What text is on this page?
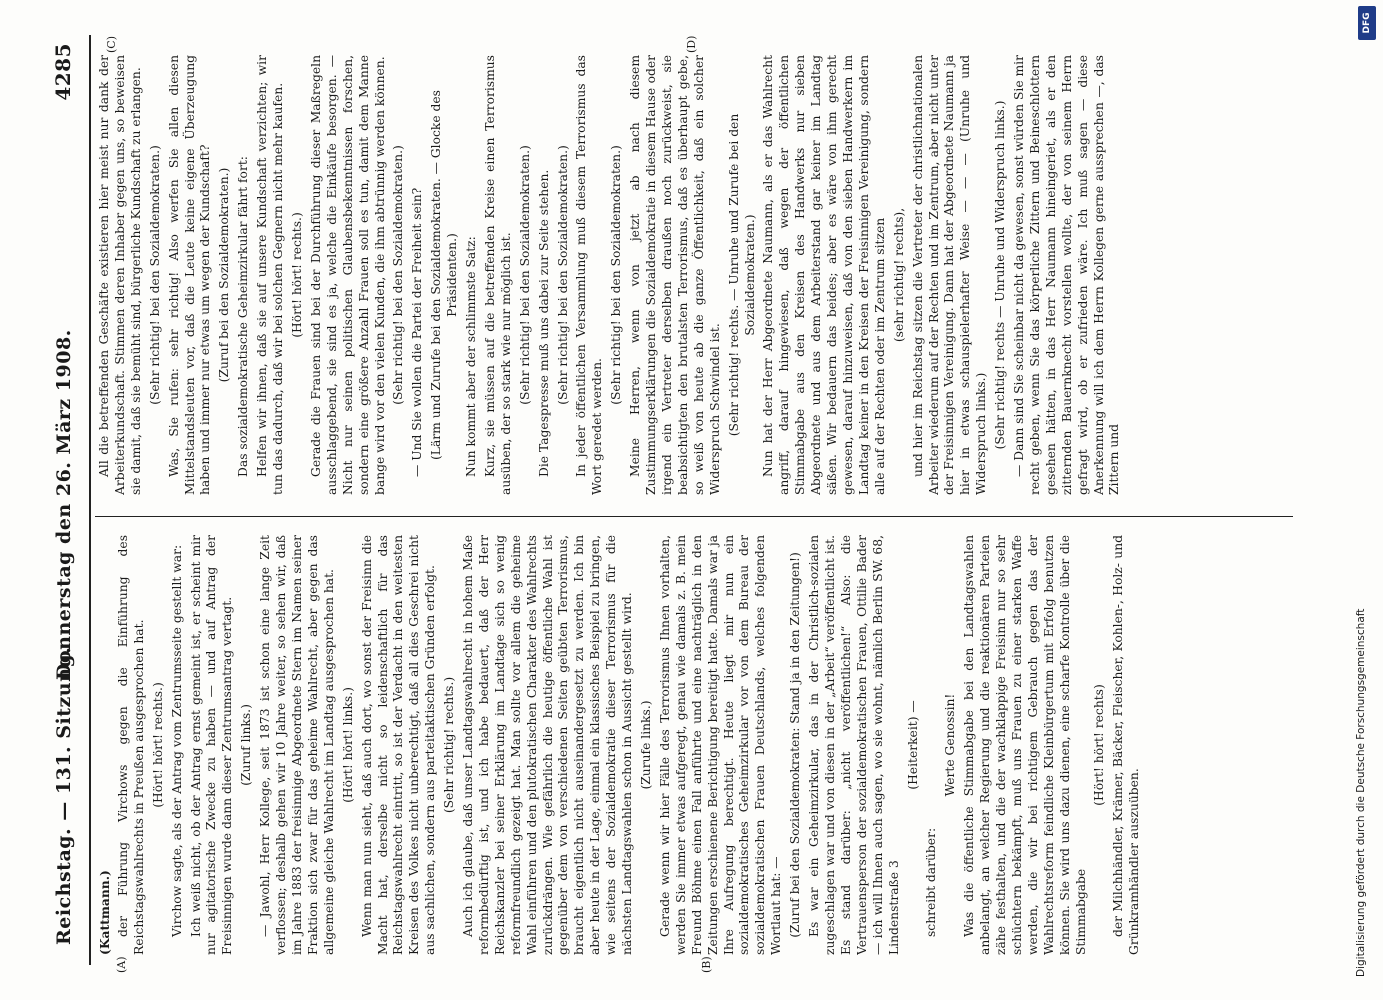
Reichstag. — 131. Sitzung.
Donnerstag den 26. März 1908.
4285
(A)	(B)
(C)	(D)

(Kattmann.) der Führung Virchows gegen die Einführung des Reichstagswahlrechts in Preußen ausgesprochen hat. (Hört! hört! rechts.) Virchow sagte, als der Antrag vom Zentrumsseite gestellt war: Ich weiß nicht, ob der Antrag ernst gemeint ist, er scheint mir nur agitatorische Zwecke zu haben — und auf Antrag der Freisinnigen wurde dann dieser Zentrumsantrag vertagt. (Zuruf links.) — Jawohl, Herr Kollege, seit 1873 ist schon eine lange Zeit verflossen; deshalb gehen wir 10 Jahre weiter, so sehen wir, daß im Jahre 1883 der freisinnige Abgeordnete Stern im Namen seiner Fraktion sich zwar für das geheime Wahlrecht, aber gegen das allgemeine gleiche Wahlrecht im Landtag ausgesprochen hat. (Hört! hört! links.) Wenn man nun sieht, daß auch dort, wo sonst der Freisinn die Macht hat, derselbe nicht so leidenschaftlich für das Reichstagswahlrecht eintritt, so ist der Verdacht in den weitesten Kreisen des Volkes nicht unberechtigt, daß all dies Geschrei nicht aus sachlichen, sondern aus parteitaktischen Gründen erfolgt. (Sehr richtig! rechts.) Auch ich glaube, daß unser Landtagswahlrecht in hohem Maße reformbedürftig ist, und ich habe bedauert, daß der Herr Reichskanzler bei seiner Erklärung im Landtage sich so wenig reformfreundlich gezeigt hat. Man sollte vor allem die geheime Wahl einführen und den plutokratischen Charakter des Wahlrechts zurückdrängen. Wie gefährlich die heutige öffentliche Wahl ist gegenüber dem von verschiedenen Seiten geübten Terrorismus, braucht eigentlich nicht auseinandergesetzt zu werden. Ich bin aber heute in der Lage, einmal ein klassisches Beispiel zu bringen, wie seitens der Sozialdemokratie dieser Terrorismus für die nächsten Landtagswahlen schon in Aussicht gestellt wird. (Zurufe links.) Gerade wenn wir hier Fälle des Terrorismus Ihnen vorhalten, werden Sie immer etwas aufgeregt, genau wie damals z. B. mein Freund Böhme einen Fall anführte und eine nachträglich in den Zeitungen erschienene Berichtigung bereitigt hatte. Damals war ja Ihre Aufregung berechtigt. Heute liegt mir nun ein sozialdemokratisches Geheimzirkular vor von dem Bureau der sozialdemokratischen Frauen Deutschlands, welches folgenden Wortlaut hat: — (Zuruf bei den Sozialdemokraten: Stand ja in den Zeitungen!) Es war ein Geheimzirkular, das in der Christlich-sozialen zugeschlagen war und von diesen in der „Arbeit“ veröffentlicht ist. Es stand darüber: „nicht veröffentlichen!“ Also: die Vertrauensperson der sozialdemokratischen Frauen, Ottilie Bader — ich will Ihnen auch sagen, wo sie wohnt, nämlich Berlin SW. 68, Lindenstraße 3

(Heiterkeit) —

schreibt darüber:

Werte Genossin! Was die öffentliche Stimmabgabe bei den Landtagswahlen anbelangt, an welcher Regierung und die reaktionären Parteien zähe festhalten, und die der wachklappige Freisinn nur so sehr schüchtern bekämpft, muß uns Frauen zu einer starken Waffe werden, die wir bei richtigem Gebrauch gegen das der Wahlrechtsreform feindliche Kleinbürgertum mit Erfolg benutzen können. Sie wird uns dazu dienen, eine scharfe Kontrolle über die Stimmabgabe

(Hört! hört! rechts) der Milchhändler, Krämer, Bäcker, Fleischer, Kohlen-, Holz- und Grünkramhändler auszuüben.

All die betreffenden Geschäfte existieren hier meist nur dank der Arbeiterkundschaft. Stimmen deren Inhaber gegen uns, so beweisen sie damit, daß sie bemüht sind, bürgerliche Kundschaft zu erlangen. (Sehr richtig! bei den Sozialdemokraten.) Was, Sie rufen: sehr richtig! Also werfen Sie allen diesen Mittelstandsleuten vor, daß die Leute keine eigene Überzeugung haben und immer nur etwas um wegen der Kundschaft? (Zuruf bei den Sozialdemokraten.) Das sozialdemokratische Geheimzirkular fährt fort: Helfen wir ihnen, daß sie auf unsere Kundschaft verzichten; wir tun das dadurch, daß wir bei solchen Gegnern nicht mehr kaufen. (Hört! hört! rechts.) Gerade die Frauen sind bei der Durchführung dieser Maßregeln ausschlaggebend, sie sind es ja, welche die Einkäufe besorgen. — Nicht nur seinen politischen Glaubensbekenntnissen forschen, sondern eine größere Anzahl Frauen soll es tun, damit dem Manne bange wird vor den vielen Kunden, die ihm abtrünnig werden können. (Sehr richtig! bei den Sozialdemokraten.) — Und Sie wollen die Partei der Freiheit sein? (Lärm und Zurufe bei den Sozialdemokraten. — Glocke des Präsidenten.) Nun kommt aber der schlimmste Satz: Kurz, sie müssen auf die betreffenden Kreise einen Terrorismus ausüben, der so stark wie nur möglich ist. (Sehr richtig! bei den Sozialdemokraten.) Die Tagespresse muß uns dabei zur Seite stehen. (Sehr richtig! bei den Sozialdemokraten.) In jeder öffentlichen Versammlung muß diesem Terrorismus das Wort geredet werden.

(Sehr richtig! bei den Sozialdemokraten.) Meine Herren, wenn von jetzt ab nach diesem Zustimmungserklärungen die Sozialdemokratie in diesem Hause oder irgend ein Vertreter derselben draußen noch zurückweist, sie beabsichtigten den brutalsten Terrorismus, daß es überhaupt gebe, so weiß von heute ab die ganze Öffentlichkeit, daß ein solcher Widerspruch Schwindel ist. (Sehr richtig! rechts. — Unruhe und Zurufe bei den Sozialdemokraten.) Nun hat der Herr Abgeordnete Naumann, als er das Wahlrecht angriff, darauf hingewiesen, daß wegen der öffentlichen Stimmabgabe aus den Kreisen des Handwerks nur sieben Abgeordnete und aus dem Arbeiterstand gar keiner im Landtag säßen. Wir bedauern das beides; aber es wäre von ihm gerecht gewesen, darauf hinzuweisen, daß von den sieben Handwerkern im Landtag keiner in den Kreisen der Freisinnigen Vereinigung, sondern alle auf der Rechten oder im Zentrum sitzen (sehr richtig! rechts), und hier im Reichstag sitzen die Vertreter der christlichnationalen Arbeiter wiederum auf der Rechten und im Zentrum, aber nicht unter der Freisinnigen Vereinigung. Dann hat der Abgeordnete Naumann ja hier in etwas schauspielerhafter Weise — — — (Unruhe und Widerspruch links.) (Sehr richtig! rechts — Unruhe und Widerspruch links.) — Dann sind Sie scheinbar nicht da gewesen, sonst würden Sie mir recht geben, wenn Sie das körperliche Zittern und Beineschlottern gesehen hätten, in das Herr Naumann hineingeriet, als er den zitternden Bauernknecht vorstellen wollte, der von seinem Herrn gefragt wird, ob er zufrieden wäre. Ich muß sagen — diese Anerkennung will ich dem Herrn Kollegen gerne aussprechen —, das Zittern und

Digitalisierung gefördert durch die Deutsche Forschungsgemeinschaft
DFG
